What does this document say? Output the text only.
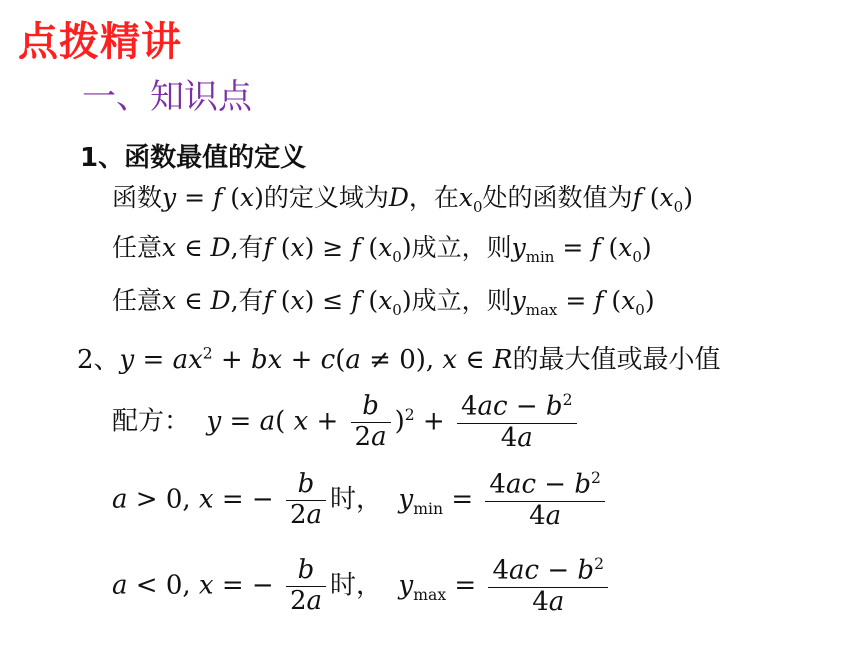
点拨精讲
一、知识点
1、函数最值的定义
函数y = f (x)的定义域为D，在$x_0$处的函数值为f $(x_0)$
任意x ∈ D,有f (x) ≥ f $(x_0)$成立，则$y_{min} = f$ $(x_0)$
任意x ∈ D,有f (x) ≤ f $(x_0)$成立，则$y_{max} = f$ $(x_0)$
2、$y = ax^2$ + bx + c(a ≠ 0), x ∈ R的最大值或最小值
配方： y = a( $x + \frac{b}{2a} )^2 + \frac{4ac - b^2}{4a}$
a > 0, x = − $\frac{b}{2a}$ 时，  $y_{min} = \frac{4ac - b^2}{4a}$
a < 0, x = − $\frac{b}{2a}$ 时，  $y_{max} = \frac{4ac - b^2}{4a}$
